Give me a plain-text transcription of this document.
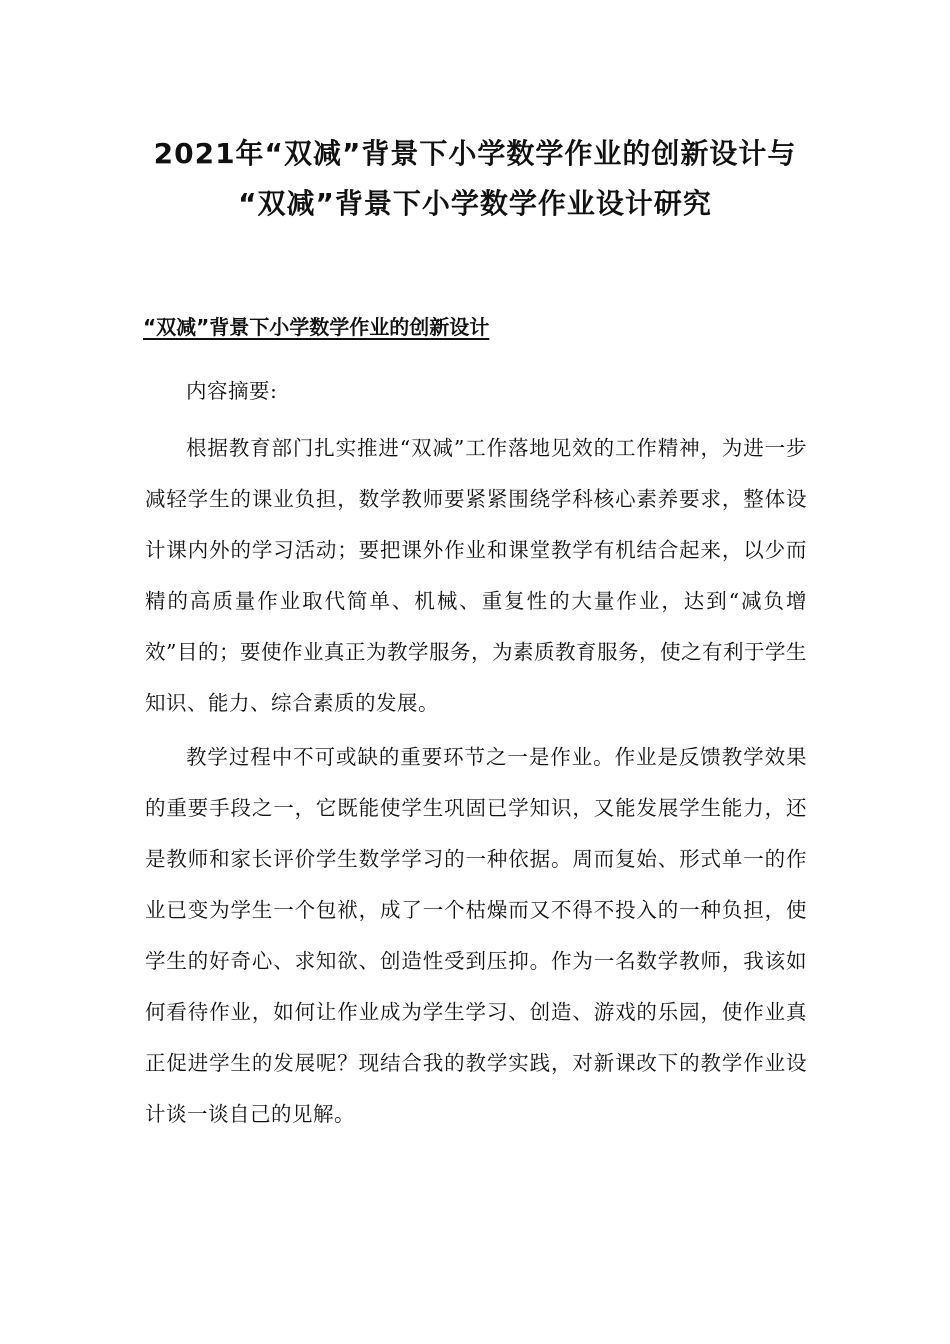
2021年“双减”背景下小学数学作业的创新设计与
“双减”背景下小学数学作业设计研究
“双减”背景下小学数学作业的创新设计

内容摘要:

根据教育部门扎实推进“双减”工作落地见效的工作精神，为进一步减轻学生的课业负担，数学教师要紧紧围绕学科核心素养要求，整体设计课内外的学习活动；要把课外作业和课堂教学有机结合起来，以少而精的高质量作业取代简单、机械、重复性的大量作业，达到“减负增效”目的；要使作业真正为教学服务，为素质教育服务，使之有利于学生知识、能力、综合素质的发展。

教学过程中不可或缺的重要环节之一是作业。作业是反馈教学效果的重要手段之一，它既能使学生巩固已学知识，又能发展学生能力，还是教师和家长评价学生数学学习的一种依据。周而复始、形式单一的作业已变为学生一个包袱，成了一个枯燥而又不得不投入的一种负担，使学生的好奇心、求知欲、创造性受到压抑。作为一名数学教师，我该如何看待作业，如何让作业成为学生学习、创造、游戏的乐园，使作业真正促进学生的发展呢？现结合我的教学实践，对新课改下的教学作业设计谈一谈自己的见解。
